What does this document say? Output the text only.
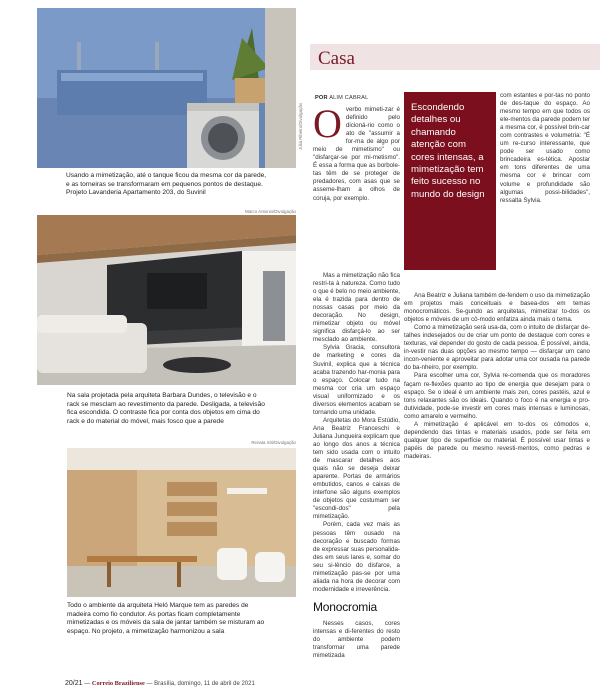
Júlia Ribeiro/Divulgação
Usando a mimetização, até o tanque ficou da mesma cor da parede,
e as torneiras se transformaram em pequenos pontos de destaque.
Projeto Lavanderia Apartamento 203, do Suvinil
Marco Antonio/Divulgação
Na sala projetada pela arquiteta Barbara Dundes, o televisão e o
rack se mesclam ao revestimento da parede. Desligada, a televisão
fica escondida. O contraste fica por conta dos objetos em cima do
rack e do material do móvel, mais fosco que a parede
Renata Siri/Divulgação
Todo o ambiente da arquiteta Heló Marque tem as paredes de
madeira como fio condutor. As portas ficam completamente
mimetizadas e os móveis da sala de jantar também se misturam ao
espaço. No projeto, a mimetização harmonizou a sala
Casa
POR ALIM CABRAL

Overbo mimeti-zar é definido pelo dicioná-rio como o ato de "assumir a for-ma de algo por meio de mimetismo" ou "disfarçar-se por mi-metismo". É essa a forma que as borbole-tas têm de se proteger de predadores, com asas que se asseme-lham a olhos de coruja, por exemplo.

Mas a mimetização não fica restri-ta à natureza. Como tudo o que é belo no meio ambiente, ela é trazida para dentro de nossas casas por meio da decoração. No design, mimetizar objeto ou móvel significa disfarçá-lo ao ser mesclado ao ambiente.

Sylvia Gracia, consultora de marketing e cores da Suvinil, explica que a técnica acaba trazendo har-monia para o espaço. Colocar tudo na mesma cor cria um espaço visual uniformizado e os diversos elementos acabam se tornando uma unidade.

Arquitetas do Mora Estúdio, Ana Beatriz Franceschi e Juliana Junqueira explicam que ao longo dos anos a técnica tem sido usada com o intuito de mascarar detalhes aos quais não se deseja deixar aparente. Portas de armários embutidos, canos e caixas de interfone são alguns exemplos de objetos que costumam ser "escondi-dos" pela mimetização.

Porém, cada vez mais as pessoas têm ousado na decoração e buscado formas de expressar suas personalida-des em seus lares e, somar do seu si-lêncio do disfarce, a mimetização pas-se por uma aliada na hora de decorar com modernidade e irreverência.

Monocromia

Nesses casos, cores intensas e di-ferentes do resto do ambiente podem transformar uma parede mimetizada

Escondendo detalhes ou chamando atenção com cores intensas, a mimetização tem feito sucesso no mundo do design

com estantes e por-tas no ponto de des-taque do espaço. Ao mesmo tempo em que todos os ele-mentos da parede podem ter a mesma cor, é possível brin-car com contrastes e volumetria: "É um re-curso interessante, que pode ser usado como brincadeira es-tética. Apostar em tons diferentes de uma mesma cor e brincar com volume e profundidade são algumas possi-bilidades", ressalta Sylvia.

Ana Beatriz e Juliana também de-fendem o uso da mimetização em projetos mais conceituais e basea-dos em temas monocromáticos. Se-gundo as arquitetas, mimetizar to-dos os objetos e móveis de um cô-modo enfatiza ainda mais o tema.

Como a mimetização será usa-da, com o intuito de disfarçar de-talhes indesejados ou de criar um ponto de destaque com cores e texturas, vai depender do gosto de cada pessoa. É possível, ainda, in-vestir nas duas opções ao mesmo tempo — disfarçar um cano incon-veniente e aproveitar para adotar uma cor ousada na parede do ba-nheiro, por exemplo.

Para escolher uma cor, Sylvia re-comenda que os moradores façam re-flexões quanto ao tipo de energia que desejam para o espaço. Se o ideal é um ambiente mais zen, cores pastéis, azul e tons relaxantes são os ideais. Quando o foco é na energia e pro-dutividade, pode-se investir em cores mais intensas e luminosas, como amarelo e vermelho.

A mimetização é aplicável em to-dos os cômodos e, dependendo das tintas e materiais usados, pode ser feita em qualquer tipo de superfície ou material. É possível usar tintas e papéis de parede ou mesmo revesti-mentos, como pedras e madeiras.

20/21 — Correio Braziliense — Brasília, domingo, 11 de abril de 2021
